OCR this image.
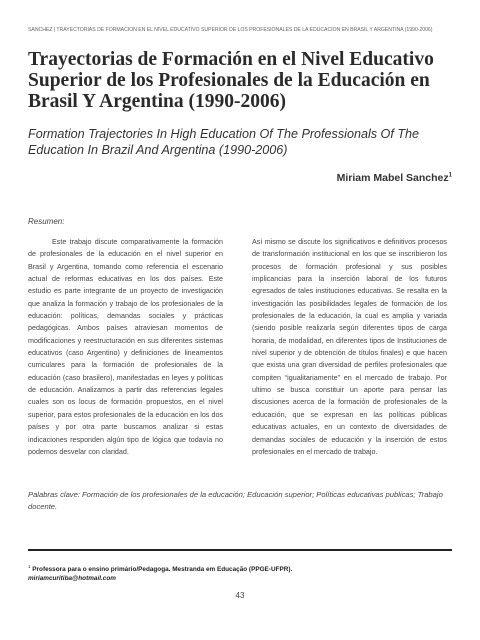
SANCHEZ | TRAYECTORIAS DE FORMACIÓN EN EL NIVEL EDUCATIVO SUPERIOR DE LOS PROFESIONALES DE LA EDUCACIÓN EN BRASIL Y ARGENTINA (1990-2006)
Trayectorias de Formación en el Nivel Educativo Superior de los Profesionales de la Educación en Brasil Y Argentina (1990-2006)

Formation Trajectories In High Education Of The Professionals Of The Education In Brazil And Argentina (1990-2006)

Miriam Mabel Sanchez$^1$
Resumen:

Este trabajo discute comparativamente la formación de profesionales de la educación en el nivel superior en Brasil y Argentina, tomando como referencia el escenario actual de reformas educativas en los dos países. Este estudio es parte integrante de un proyecto de investigación que analiza la formación y trabajo de los profesionales de la educación: políticas, demandas sociales y prácticas pedagógicas. Ambos países atraviesan momentos de modificaciones y reestructuración en sus diferentes sistemas educativos (caso Argentino) y definiciones de lineamentos curriculares para la formación de profesionales de la educación (caso brasilero), manifestadas en leyes y políticas de educación. Analizamos a partir das referencias legales cuales son os locus de formación propuestos, en el nivel superior, para estos profesionales de la educación en los dos países y por otra parte buscamos analizar si estas indicaciones responden algún tipo de lógica que todavía no podemos desvelar con claridad.

Así mismo se discute los significativos e definitivos procesos de transformación institucional en los que se inscribieron los procesos de formación profesional y sus posibles implicancias para la inserción laboral de los futuros egresados de tales instituciones educativas. Se resalta en la investigación las posibilidades legales de formación de los profesionales de la educación, la cual es amplia y variada (siendo posible realizarla según diferentes tipos de carga horaria, de modalidad, en diferentes tipos de Instituciones de nivel superior y de obtención de títulos finales) e que hacen que exista una gran diversidad de perfiles profesionales que compiten “igualitariamente” en el mercado de trabajo. Por ultimo se busca constituir un aporte para pensar las discusiones acerca de la formación de profesionales de la educación, que se expresan en las políticas públicas educativas actuales, en un contexto de diversidades de demandas sociales de educación y la inserción de estos profesionales en el mercado de trabajo.

Palabras clave: Formación de los profesionales de la educación; Educación superior; Políticas educativas publicas; Trabajo docente.

$^1$ Professora para o ensino primário/Pedagoga. Mestranda em Educação (PPGE-UFPR).
miriamcuritiba@hotmail.com
43
